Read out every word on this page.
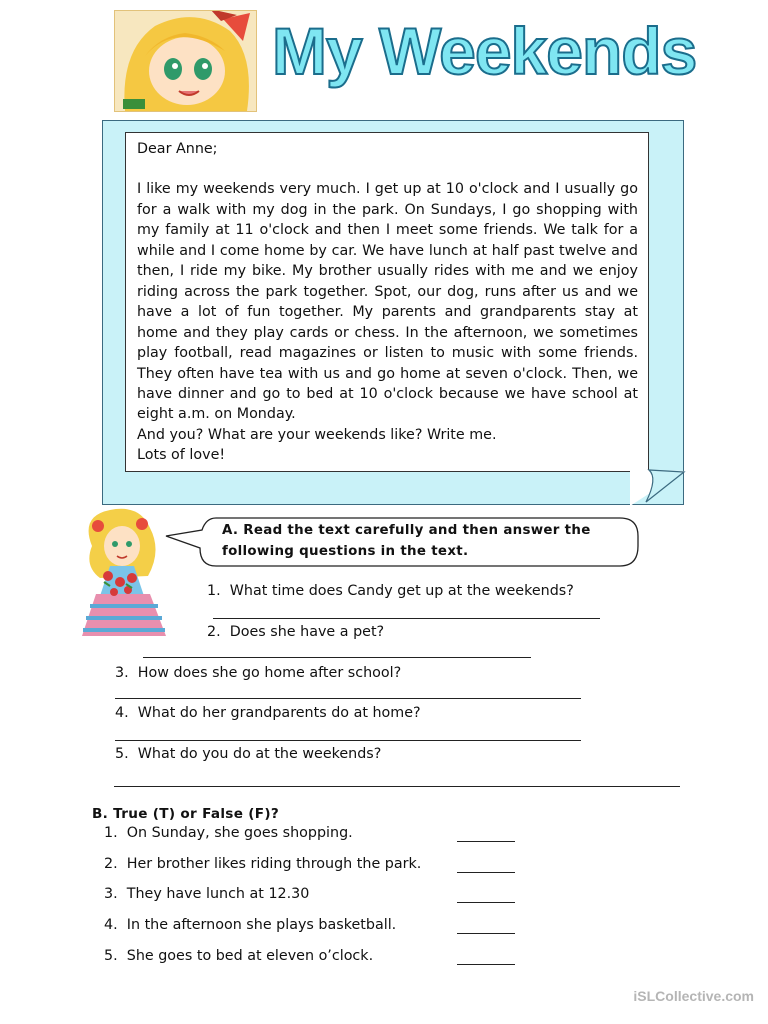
My Weekends

Dear Anne;

I like my weekends very much. I get up at 10 o'clock and I usually go for a walk with my dog in the park. On Sundays, I go shopping with my family at 11 o'clock and then I meet some friends. We talk for a while and I come home by car. We have lunch at half past twelve and then, I ride my bike. My brother usually rides with me and we enjoy riding across the park together. Spot, our dog, runs after us and we have a lot of fun together. My parents and grandparents stay at home and they play cards or chess. In the afternoon, we sometimes play football, read magazines or listen to music with some friends. They often have tea with us and go home at seven o'clock. Then, we have dinner and go to bed at 10 o'clock because we have school at eight a.m. on Monday.

And you? What are your weekends like? Write me.

Lots of love!

A. Read the text carefully and then answer the following questions in the text.
1. What time does Candy get up at the weekends?
2. Does she have a pet?
3. How does she go home after school?
4. What do her grandparents do at home?
5. What do you do at the weekends?
B. True (T) or False (F)?
1. On Sunday, she goes shopping.
2. Her brother likes riding through the park.
3. They have lunch at 12.30
4. In the afternoon she plays basketball.
5. She goes to bed at eleven o’clock.
iSLCollective.com
